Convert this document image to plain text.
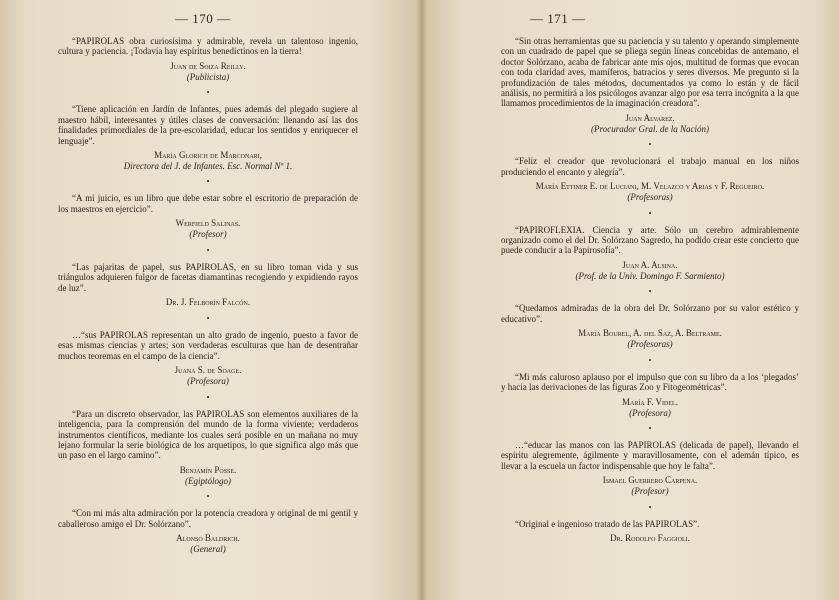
— 170 —

“PAPIROLAS obra curiosísima y admirable, revela un talentoso ingenio, cultura y paciencia. ¡Todavía hay espíritus benedictinos en la tierra!

Juan de Soiza Reilly.

(Publicista)

•

“Tiene aplicación en Jardín de Infantes, pues además del plegado sugiere al maestro hábil, interesantes y útiles clases de conversación: llenando así las dos finalidades primordiales de la pre-escolaridad, educar los sentidos y enriquecer el lenguaje”.

María Glorich de Marconari,

Directora del J. de Infantes. Esc. Normal Nº 1.

•

“A mi juicio, es un libro que debe estar sobre el escritorio de preparación de los maestros en ejercicio”.

Werfield Salinas.

(Profesor)

•

“Las pajaritas de papel, sus PAPIROLAS, en su libro toman vida y sus triángulos adquieren fulgor de facetas diamantinas recogiendo y expidiendo rayos de luz”.

Dr. J. Felborín Falcón.

•

…“sus PAPIROLAS representan un alto grado de ingenio, puesto a favor de esas mismas ciencias y artes; son verdaderas esculturas que han de desentrañar muchos teoremas en el campo de la ciencia”.

Juana S. de Soage.

(Profesora)

•

“Para un discreto observador, las PAPIROLAS son elementos auxiliares de la inteligencia, para la comprensión del mundo de la forma viviente; verdaderos instrumentos científicos, mediante los cuales será posible en un mañana no muy lejano formular la serie biológica de los arquetipos, lo que significa algo más que un paso en el largo camino”.

Benjamín Posse.

(Egiptólogo)

•

“Con mi más alta admiración por la potencia creadora y original de mi gentil y caballeroso amigo el Dr. Solórzano”.

Alonso Baldrich.

(General)

— 171 —

“Sin otras herramientas que su paciencia y su talento y operando simplemente con un cuadrado de papel que se pliega según líneas concebidas de antemano, el doctor Solórzano, acaba de fabricar ante mis ojos, multitud de formas que evocan con toda claridad aves, mamíferos, batracios y seres diversos. Me pregunto si la profundización de tales métodos, documentados ya como lo están y de fácil análisis, no permitirá a los psicólogos avanzar algo por esa terra incógnita a la que llamamos procedimientos de la imaginación creadora”.

Juan Alvarez.

(Procurador Gral. de la Nación)

•

“Feliz el creador que revolucionará el trabajo manual en los niños produciendo el encanto y alegría”.

María Ettiner E. de Luciani, M. Velazco y Arias y F. Regueiro.

(Profesoras)

•

“PAPIROFLEXIA. Ciencia y arte. Sólo un cerebro admirablemente organizado como el del Dr. Solórzano Sagredo, ha podido crear este concierto que puede conducir a la Papirosofía”.

Juan A. Alsina.

(Prof. de la Univ. Domingo F. Sarmiento)

•

“Quedamos admiradas de la obra del Dr. Solórzano por su valor estético y educativo”.

María Bourel, A. del Saz, A. Beltrame.

(Profesoras)

•

“Mi más caluroso aplauso por el impulso que con su libro da a los ‘plegados’ y hacia las derivaciones de las figuras Zoo y Fitogeométricas”.

María F. Videl.

(Profesora)

•

…“educar las manos con las PAPIROLAS (delicada de papel), llevando el espíritu alegremente, ágilmente y maravillosamente, con el ademán típico, es llevar a la escuela un factor indispensable que hoy le falta”.

Ismael Guerrero Carpena.

(Profesor)

•

“Original e ingenioso tratado de las PAPIROLAS”.

Dr. Rodolfo Faggioli.
